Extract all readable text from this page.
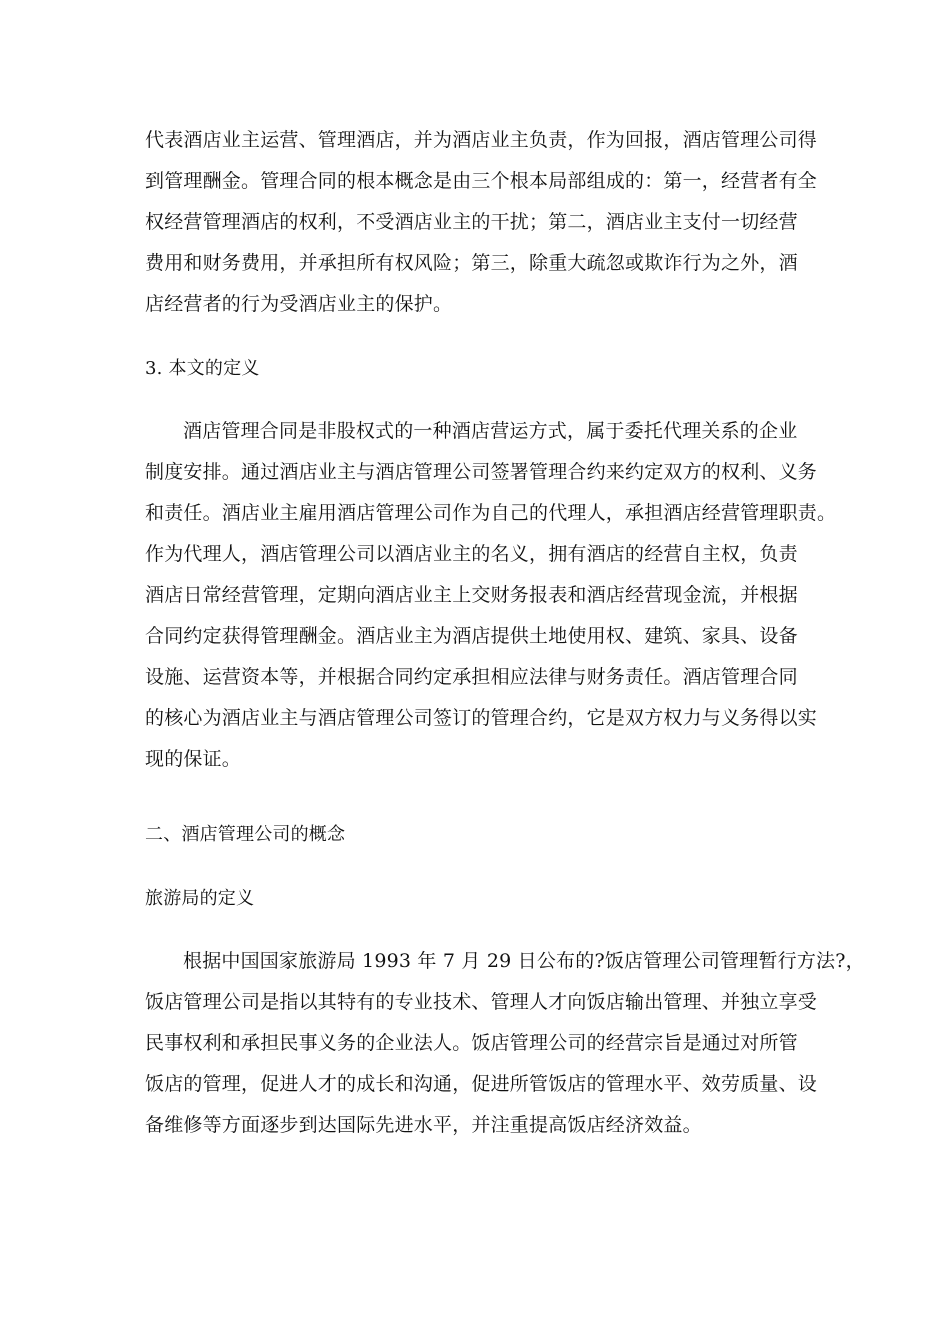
代表酒店业主运营、管理酒店，并为酒店业主负责，作为回报，酒店管理公司得
到管理酬金。管理合同的根本概念是由三个根本局部组成的：第一，经营者有全
权经营管理酒店的权利，不受酒店业主的干扰；第二，酒店业主支付一切经营
费用和财务费用，并承担所有权风险；第三，除重大疏忽或欺诈行为之外，酒
店经营者的行为受酒店业主的保护。
3. 本文的定义
酒店管理合同是非股权式的一种酒店营运方式，属于委托代理关系的企业
制度安排。通过酒店业主与酒店管理公司签署管理合约来约定双方的权利、义务
和责任。酒店业主雇用酒店管理公司作为自己的代理人，承担酒店经营管理职责。
作为代理人，酒店管理公司以酒店业主的名义，拥有酒店的经营自主权，负责
酒店日常经营管理，定期向酒店业主上交财务报表和酒店经营现金流，并根据
合同约定获得管理酬金。酒店业主为酒店提供土地使用权、建筑、家具、设备
设施、运营资本等，并根据合同约定承担相应法律与财务责任。酒店管理合同
的核心为酒店业主与酒店管理公司签订的管理合约，它是双方权力与义务得以实
现的保证。
二、酒店管理公司的概念
旅游局的定义
根据中国国家旅游局 1993 年 7 月 29 日公布的?饭店管理公司管理暂行方法?，
饭店管理公司是指以其特有的专业技术、管理人才向饭店输出管理、并独立享受
民事权利和承担民事义务的企业法人。饭店管理公司的经营宗旨是通过对所管
饭店的管理，促进人才的成长和沟通，促进所管饭店的管理水平、效劳质量、设
备维修等方面逐步到达国际先进水平，并注重提高饭店经济效益。
